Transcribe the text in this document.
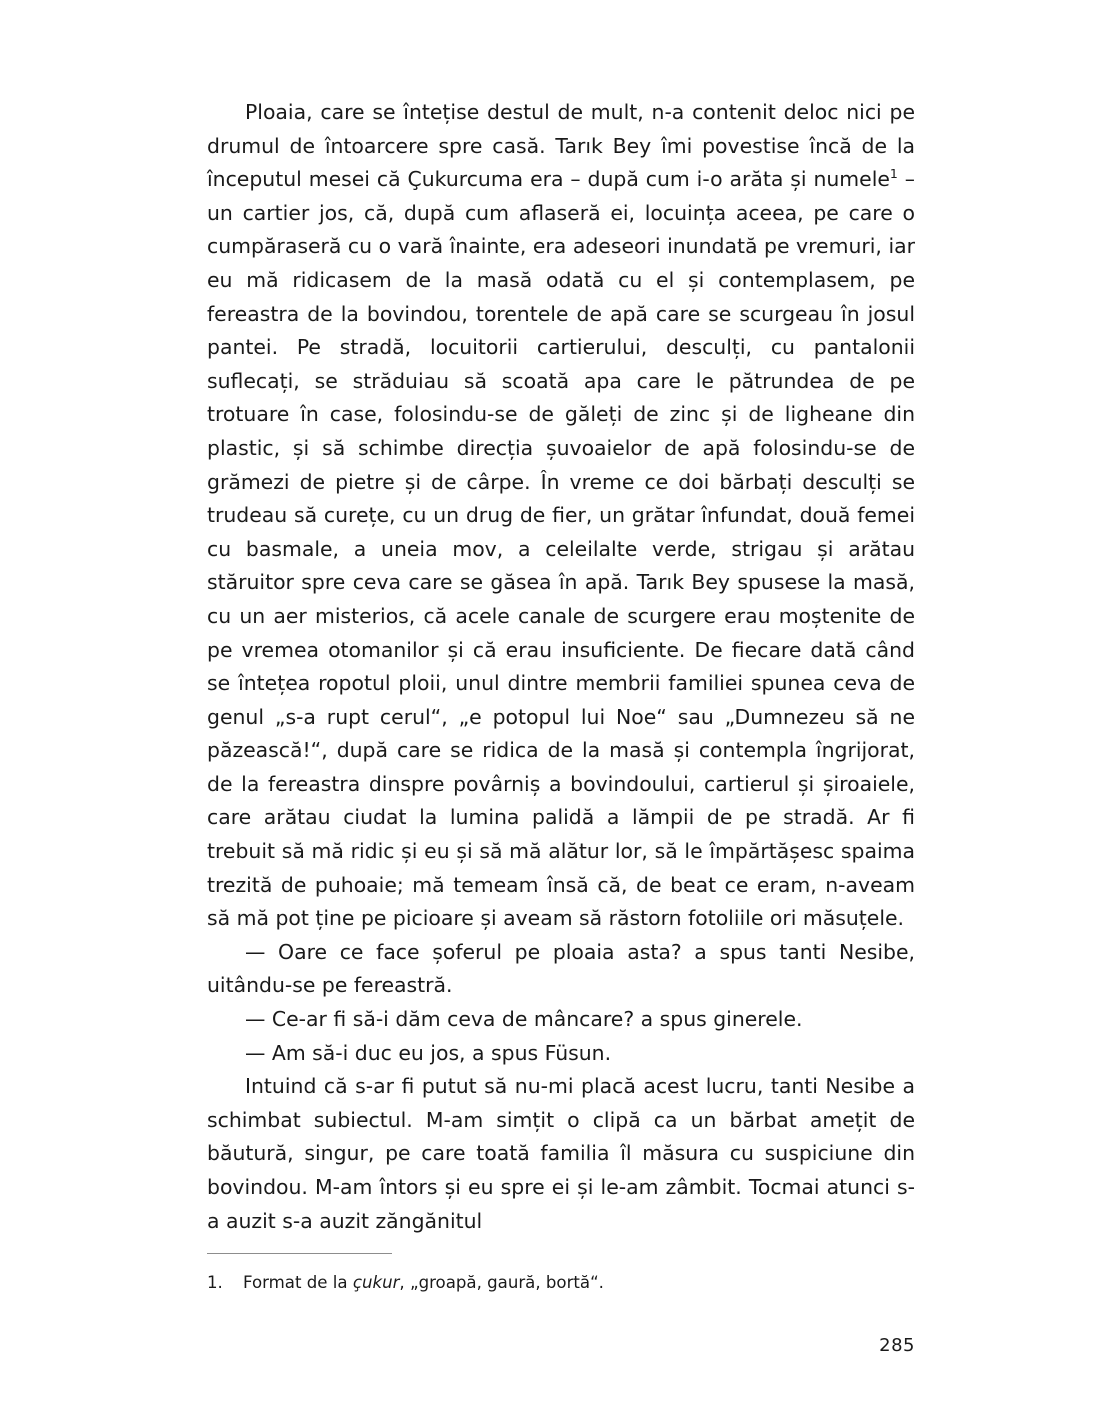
Ploaia, care se întețise destul de mult, n-a contenit deloc nici pe drumul de întoarcere spre casă. Tarık Bey îmi povestise încă de la începutul mesei că Çukurcuma era – după cum i-o arăta și numele$^1$ – un cartier jos, că, după cum aflaseră ei, locuința aceea, pe care o cumpăraseră cu o vară înainte, era adeseori inundată pe vremuri, iar eu mă ridicasem de la masă odată cu el și contemplasem, pe fereastra de la bovindou, torentele de apă care se scurgeau în josul pantei. Pe stradă, locuitorii cartierului, desculți, cu pantalonii suflecați, se străduiau să scoată apa care le pătrundea de pe trotuare în case, folosindu-se de găleți de zinc și de ligheane din plastic, și să schimbe direcția șuvoaielor de apă folosindu-se de grămezi de pietre și de cârpe. În vreme ce doi bărbați desculți se trudeau să curețe, cu un drug de fier, un grătar înfundat, două femei cu basmale, a uneia mov, a celeilalte verde, strigau și arătau stăruitor spre ceva care se găsea în apă. Tarık Bey spusese la masă, cu un aer misterios, că acele canale de scurgere erau moștenite de pe vremea otomanilor și că erau insuficiente. De fiecare dată când se întețea ropotul ploii, unul dintre membrii familiei spunea ceva de genul „s-a rupt cerul“, „e potopul lui Noe“ sau „Dumnezeu să ne păzească!“, după care se ridica de la masă și contempla îngrijorat, de la fereastra dinspre povârniș a bovindoului, cartierul și șiroaiele, care arătau ciudat la lumina palidă a lămpii de pe stradă. Ar fi trebuit să mă ridic și eu și să mă alătur lor, să le împărtășesc spaima trezită de puhoaie; mă temeam însă că, de beat ce eram, n-aveam să mă pot ține pe picioare și aveam să răstorn fotoliile ori măsuțele.

— Oare ce face șoferul pe ploaia asta? a spus tanti Nesibe, uitându-se pe fereastră.

— Ce-ar fi să-i dăm ceva de mâncare? a spus ginerele.

— Am să-i duc eu jos, a spus Füsun.

Intuind că s-ar fi putut să nu-mi placă acest lucru, tanti Nesibe a schimbat subiectul. M-am simțit o clipă ca un bărbat amețit de băutură, singur, pe care toată familia îl măsura cu suspiciune din bovindou. M-am întors și eu spre ei și le-am zâmbit. Tocmai atunci s-a auzit s-a auzit zăngănitul

1. Format de la çukur, „groapă, gaură, bortă“.
285
